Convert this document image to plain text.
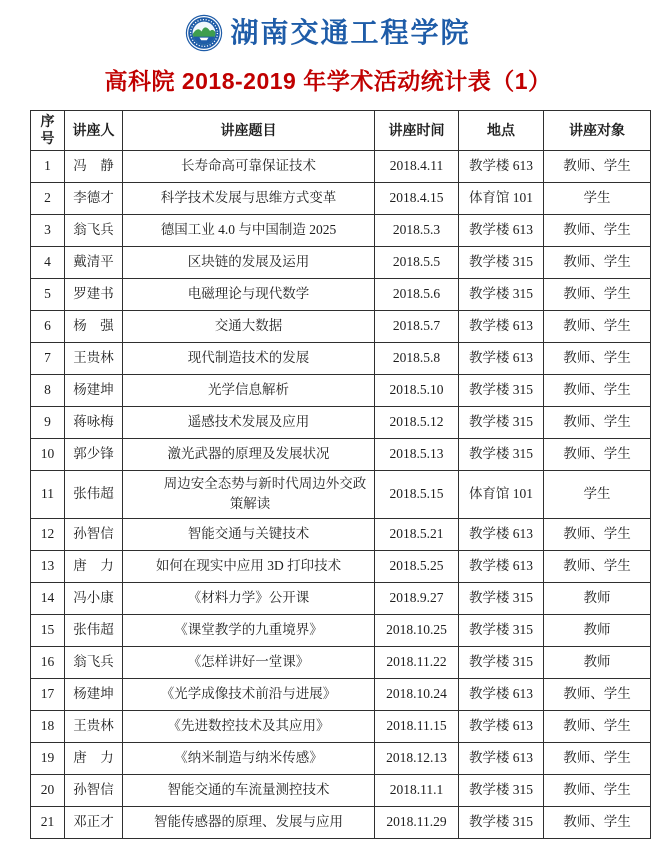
湖南交通工程学院
高科院 2018-2019 年学术活动统计表（1）
序号	讲座人	讲座题目	讲座时间	地点	讲座对象
1	冯　静	长寿命高可靠保证技术	2018.4.11	教学楼 613	教师、学生
2	李德才	科学技术发展与思维方式变革	2018.4.15	体育馆 101	学生
3	翁飞兵	德国工业 4.0 与中国制造 2025	2018.5.3	教学楼 613	教师、学生
4	戴清平	区块链的发展及运用	2018.5.5	教学楼 315	教师、学生
5	罗建书	电磁理论与现代数学	2018.5.6	教学楼 315	教师、学生
6	杨　强	交通大数据	2018.5.7	教学楼 613	教师、学生
7	王贵林	现代制造技术的发展	2018.5.8	教学楼 613	教师、学生
8	杨建坤	光学信息解析	2018.5.10	教学楼 315	教师、学生
9	蒋咏梅	遥感技术发展及应用	2018.5.12	教学楼 315	教师、学生
10	郭少锋	激光武器的原理及发展状况	2018.5.13	教学楼 315	教师、学生
11	张伟超	周边安全态势与新时代周边外交政策解读	2018.5.15	体育馆 101	学生
12	孙智信	智能交通与关键技术	2018.5.21	教学楼 613	教师、学生
13	唐　力	如何在现实中应用 3D 打印技术	2018.5.25	教学楼 613	教师、学生
14	冯小康	《材料力学》公开课	2018.9.27	教学楼 315	教师
15	张伟超	《课堂教学的九重境界》	2018.10.25	教学楼 315	教师
16	翁飞兵	《怎样讲好一堂课》	2018.11.22	教学楼 315	教师
17	杨建坤	《光学成像技术前沿与进展》	2018.10.24	教学楼 613	教师、学生
18	王贵林	《先进数控技术及其应用》	2018.11.15	教学楼 613	教师、学生
19	唐　力	《纳米制造与纳米传感》	2018.12.13	教学楼 613	教师、学生
20	孙智信	智能交通的车流量测控技术	2018.11.1	教学楼 315	教师、学生
21	邓正才	智能传感器的原理、发展与应用	2018.11.29	教学楼 315	教师、学生
